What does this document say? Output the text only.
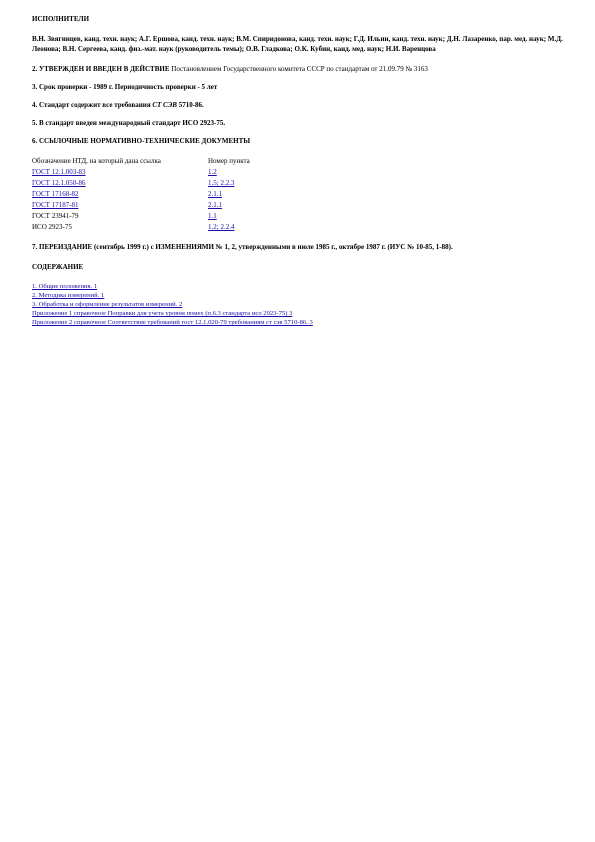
ИСПОЛНИТЕЛИ

В.Н. Звягинцев, канд. техн. наук; А.Г. Ершова, канд. техн. наук; В.М. Спиридонова, канд. техн. наук; Г.Д. Ильин, канд. техн. наук; Д.Н. Лазаренко, пар. мед. наук; М.Д. Леонова; В.Н. Сергеева, канд. физ.-мат. наук (руководитель темы); О.В. Гладкова; О.К. Кубин, канд. мед. наук; Н.И. Варенцова

2. УТВЕРЖДЕН И ВВЕДЕН В ДЕЙСТВИЕ Постановлением Государственного комитета СССР по стандартам от 21.09.79 № 3163

3. Срок проверки - 1989 г. Периодичность проверки - 5 лет

4. Стандарт содержит все требования СТ СЭВ 5710-86.

5. В стандарт введен международный стандарт ИСО 2923-75.

6. ССЫЛОЧНЫЕ НОРМАТИВНО-ТЕХНИЧЕСКИЕ ДОКУМЕНТЫ

Обозначение НТД, на который дана ссылка	Номер пункта
ГОСТ 12.1.003-83	1.2
ГОСТ 12.1.050-86	1.5; 2.2.3
ГОСТ 17168-82	2.1.1
ГОСТ 17187-81	2.1.1
ГОСТ 23941-79	1.1
ИСО 2923-75	1.2; 2.2.4

7. ПЕРЕИЗДАНИЕ (сентябрь 1999 г.) с ИЗМЕНЕНИЯМИ № 1, 2, утвержденными в июле 1985 г., октябре 1987 г. (ИУС № 10-85, 1-88).

СОДЕРЖАНИЕ

1. Общие положения. 1
2. Методика измерений. 1
3. Обработка и оформление результатов измерений. 2
Приложение 1 справочное Поправки для учета уровня помех (п.6.3 стандарта исо 2923-75) 3
Приложение 2 справочное Соответствие требований гост 12.1.020-79 требованиям ст сэв 5710-86. 3
